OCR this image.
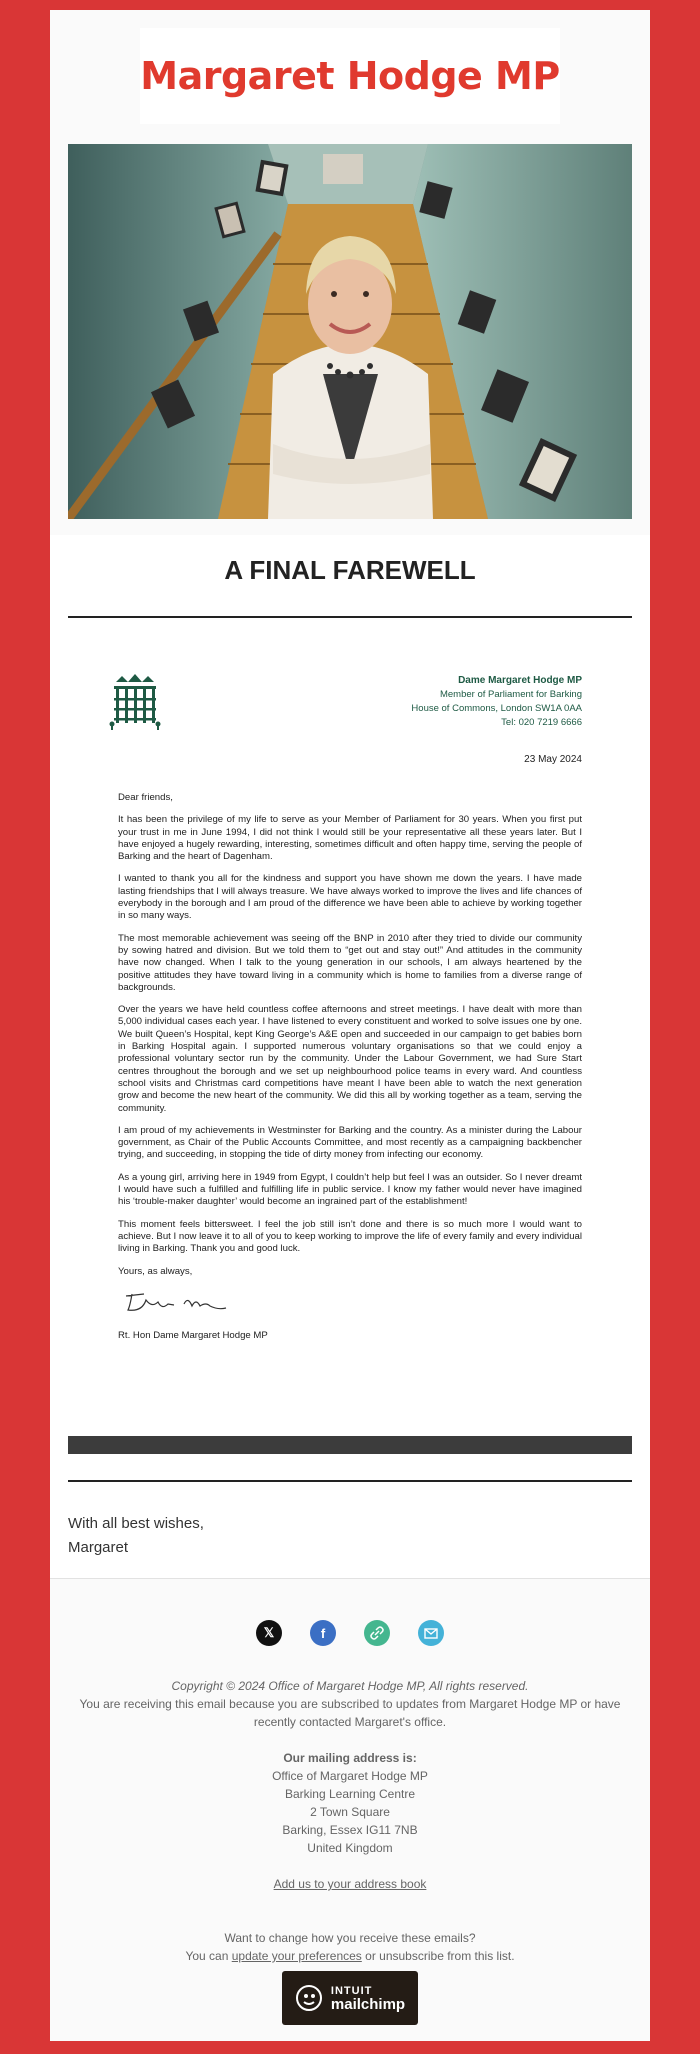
Margaret Hodge MP
A FINAL FAREWELL
Dame Margaret Hodge MP
Member of Parliament for Barking
House of Commons, London SW1A 0AA
Tel: 020 7219 6666
23 May 2024

Dear friends,

It has been the privilege of my life to serve as your Member of Parliament for 30 years. When you first put your trust in me in June 1994, I did not think I would still be your representative all these years later. But I have enjoyed a hugely rewarding, interesting, sometimes difficult and often happy time, serving the people of Barking and the heart of Dagenham.

I wanted to thank you all for the kindness and support you have shown me down the years. I have made lasting friendships that I will always treasure. We have always worked to improve the lives and life chances of everybody in the borough and I am proud of the difference we have been able to achieve by working together in so many ways.

The most memorable achievement was seeing off the BNP in 2010 after they tried to divide our community by sowing hatred and division. But we told them to “get out and stay out!” And attitudes in the community have now changed. When I talk to the young generation in our schools, I am always heartened by the positive attitudes they have toward living in a community which is home to families from a diverse range of backgrounds.

Over the years we have held countless coffee afternoons and street meetings. I have dealt with more than 5,000 individual cases each year. I have listened to every constituent and worked to solve issues one by one. We built Queen’s Hospital, kept King George’s A&E open and succeeded in our campaign to get babies born in Barking Hospital again. I supported numerous voluntary organisations so that we could enjoy a professional voluntary sector run by the community. Under the Labour Government, we had Sure Start centres throughout the borough and we set up neighbourhood police teams in every ward. And countless school visits and Christmas card competitions have meant I have been able to watch the next generation grow and become the new heart of the community. We did this all by working together as a team, serving the community.

I am proud of my achievements in Westminster for Barking and the country. As a minister during the Labour government, as Chair of the Public Accounts Committee, and most recently as a campaigning backbencher trying, and succeeding, in stopping the tide of dirty money from infecting our economy.

As a young girl, arriving here in 1949 from Egypt, I couldn’t help but feel I was an outsider. So I never dreamt I would have such a fulfilled and fulfilling life in public service. I know my father would never have imagined his ‘trouble-maker daughter’ would become an ingrained part of the establishment!

This moment feels bittersweet. I feel the job still isn’t done and there is so much more I would want to achieve. But I now leave it to all of you to keep working to improve the life of every family and every individual living in Barking. Thank you and good luck.

Yours, as always,

Rt. Hon Dame Margaret Hodge MP

With all best wishes,
Margaret
𝕏	f
Copyright © 2024 Office of Margaret Hodge MP, All rights reserved.
You are receiving this email because you are subscribed to updates from Margaret Hodge MP or have recently contacted Margaret's office.
Our mailing address is:
Office of Margaret Hodge MP
Barking Learning Centre
2 Town Square
Barking, Essex IG11 7NB
United Kingdom
Add us to your address book
Want to change how you receive these emails?
You can update your preferences or unsubscribe from this list.
INTUIT
mailchimp
